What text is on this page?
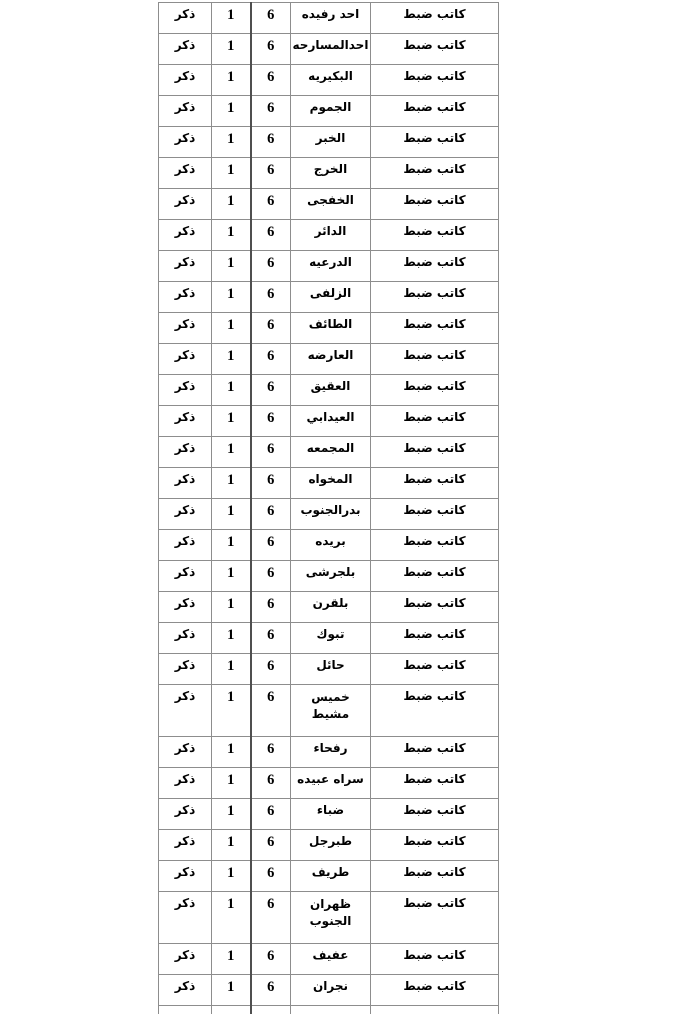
كاتب ضبط	احد رفيده	6	1	ذكر
كاتب ضبط	احدالمسارحه	6	1	ذكر
كاتب ضبط	البكيريه	6	1	ذكر
كاتب ضبط	الجموم	6	1	ذكر
كاتب ضبط	الخبر	6	1	ذكر
كاتب ضبط	الخرج	6	1	ذكر
كاتب ضبط	الخفجى	6	1	ذكر
كاتب ضبط	الدائر	6	1	ذكر
كاتب ضبط	الدرعيه	6	1	ذكر
كاتب ضبط	الزلفى	6	1	ذكر
كاتب ضبط	الطائف	6	1	ذكر
كاتب ضبط	العارضه	6	1	ذكر
كاتب ضبط	العقيق	6	1	ذكر
كاتب ضبط	العيدابي	6	1	ذكر
كاتب ضبط	المجمعه	6	1	ذكر
كاتب ضبط	المخواه	6	1	ذكر
كاتب ضبط	بدرالجنوب	6	1	ذكر
كاتب ضبط	بريده	6	1	ذكر
كاتب ضبط	بلجرشى	6	1	ذكر
كاتب ضبط	بلقرن	6	1	ذكر
كاتب ضبط	تبوك	6	1	ذكر
كاتب ضبط	حائل	6	1	ذكر
كاتب ضبط	خميس مشيط	6	1	ذكر
كاتب ضبط	رفحاء	6	1	ذكر
كاتب ضبط	سراه عبيده	6	1	ذكر
كاتب ضبط	ضباء	6	1	ذكر
كاتب ضبط	طبرجل	6	1	ذكر
كاتب ضبط	طريف	6	1	ذكر
كاتب ضبط	ظهران الجنوب	6	1	ذكر
كاتب ضبط	عفيف	6	1	ذكر
كاتب ضبط	نجران	6	1	ذكر
